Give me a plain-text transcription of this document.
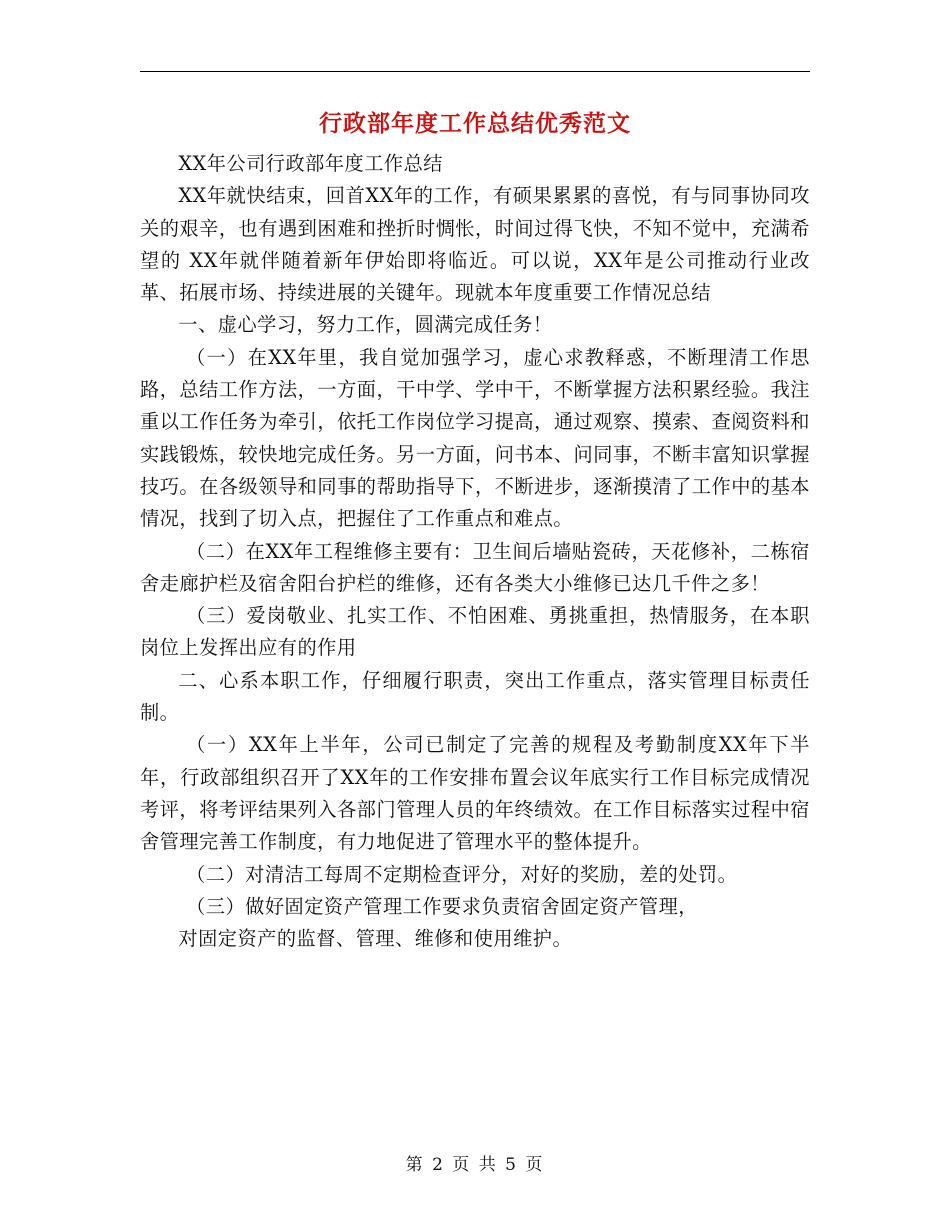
行政部年度工作总结优秀范文

XX年公司行政部年度工作总结

XX年就快结束，回首XX年的工作，有硕果累累的喜悦，有与同事协同攻关的艰辛，也有遇到困难和挫折时惆怅，时间过得飞快，不知不觉中，充满希望的 XX年就伴随着新年伊始即将临近。可以说，XX年是公司推动行业改革、拓展市场、持续进展的关键年。现就本年度重要工作情况总结

一、虚心学习，努力工作，圆满完成任务！

（一）在XX年里，我自觉加强学习，虚心求教释惑，不断理清工作思路，总结工作方法，一方面，干中学、学中干，不断掌握方法积累经验。我注重以工作任务为牵引，依托工作岗位学习提高，通过观察、摸索、查阅资料和实践锻炼，较快地完成任务。另一方面，问书本、问同事，不断丰富知识掌握技巧。在各级领导和同事的帮助指导下，不断进步，逐渐摸清了工作中的基本情况，找到了切入点，把握住了工作重点和难点。

（二）在XX年工程维修主要有：卫生间后墙贴瓷砖，天花修补，二栋宿舍走廊护栏及宿舍阳台护栏的维修，还有各类大小维修已达几千件之多！

（三）爱岗敬业、扎实工作、不怕困难、勇挑重担，热情服务，在本职岗位上发挥出应有的作用

二、心系本职工作，仔细履行职责，突出工作重点，落实管理目标责任制。

（一）XX年上半年，公司已制定了完善的规程及考勤制度XX年下半年，行政部组织召开了XX年的工作安排布置会议年底实行工作目标完成情况考评，将考评结果列入各部门管理人员的年终绩效。在工作目标落实过程中宿舍管理完善工作制度，有力地促进了管理水平的整体提升。

（二）对清洁工每周不定期检查评分，对好的奖励，差的处罚。

（三）做好固定资产管理工作要求负责宿舍固定资产管理，

对固定资产的监督、管理、维修和使用维护。

第 2 页 共 5 页
